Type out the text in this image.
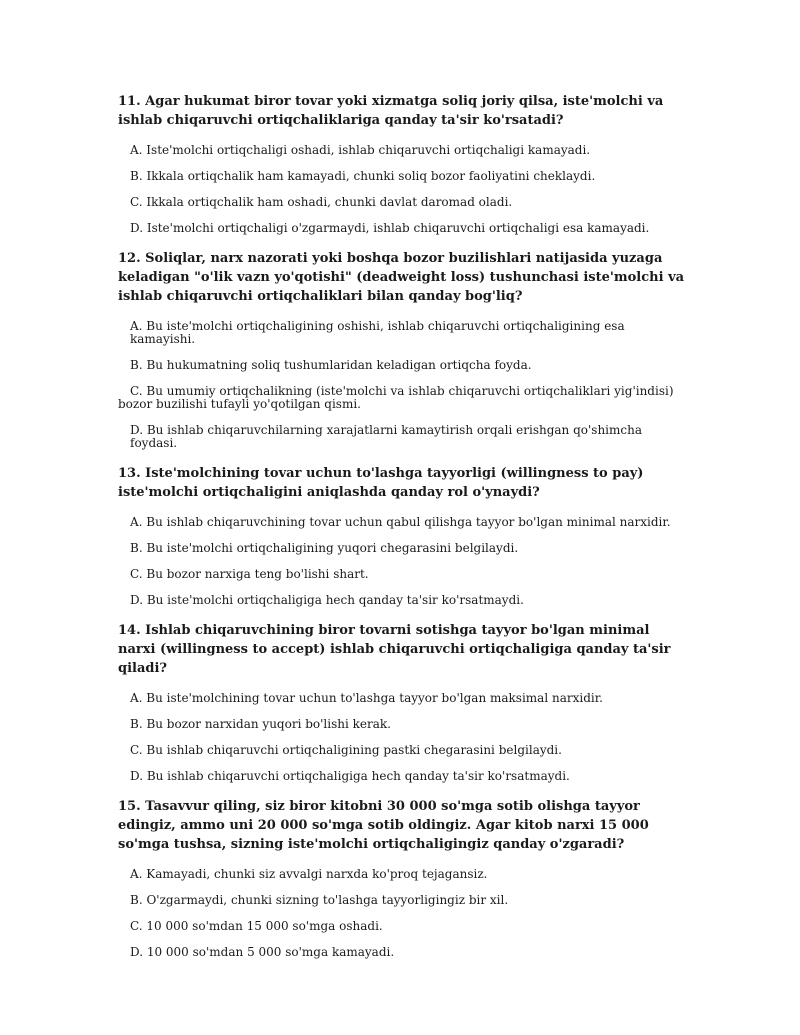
11. Agar hukumat biror tovar yoki xizmatga soliq joriy qilsa, iste'molchi va ishlab chiqaruvchi ortiqchaliklariga qanday ta'sir ko'rsatadi?

A. Iste'molchi ortiqchaligi oshadi, ishlab chiqaruvchi ortiqchaligi kamayadi.
B. Ikkala ortiqchalik ham kamayadi, chunki soliq bozor faoliyatini cheklaydi.
C. Ikkala ortiqchalik ham oshadi, chunki davlat daromad oladi.
D. Iste'molchi ortiqchaligi o'zgarmaydi, ishlab chiqaruvchi ortiqchaligi esa kamayadi.

12. Soliqlar, narx nazorati yoki boshqa bozor buzilishlari natijasida yuzaga keladigan "o'lik vazn yo'qotishi" (deadweight loss) tushunchasi iste'molchi va ishlab chiqaruvchi ortiqchaliklari bilan qanday bog'liq?

A. Bu iste'molchi ortiqchaligining oshishi, ishlab chiqaruvchi ortiqchaligining esa kamayishi.
B. Bu hukumatning soliq tushumlaridan keladigan ortiqcha foyda.
C. Bu umumiy ortiqchalikning (iste'molchi va ishlab chiqaruvchi ortiqchaliklari yig'indisi) bozor buzilishi tufayli yo'qotilgan qismi.
D. Bu ishlab chiqaruvchilarning xarajatlarni kamaytirish orqali erishgan qo'shimcha foydasi.

13. Iste'molchining tovar uchun to'lashga tayyorligi (willingness to pay) iste'molchi ortiqchaligini aniqlashda qanday rol o'ynaydi?

A. Bu ishlab chiqaruvchining tovar uchun qabul qilishga tayyor bo'lgan minimal narxidir.
B. Bu iste'molchi ortiqchaligining yuqori chegarasini belgilaydi.
C. Bu bozor narxiga teng bo'lishi shart.
D. Bu iste'molchi ortiqchaligiga hech qanday ta'sir ko'rsatmaydi.

14. Ishlab chiqaruvchining biror tovarni sotishga tayyor bo'lgan minimal narxi (willingness to accept) ishlab chiqaruvchi ortiqchaligiga qanday ta'sir qiladi?

A. Bu iste'molchining tovar uchun to'lashga tayyor bo'lgan maksimal narxidir.
B. Bu bozor narxidan yuqori bo'lishi kerak.
C. Bu ishlab chiqaruvchi ortiqchaligining pastki chegarasini belgilaydi.
D. Bu ishlab chiqaruvchi ortiqchaligiga hech qanday ta'sir ko'rsatmaydi.

15. Tasavvur qiling, siz biror kitobni 30 000 so'mga sotib olishga tayyor edingiz, ammo uni 20 000 so'mga sotib oldingiz. Agar kitob narxi 15 000 so'mga tushsa, sizning iste'molchi ortiqchaligingiz qanday o'zgaradi?

A. Kamayadi, chunki siz avvalgi narxda ko'proq tejagansiz.
B. O'zgarmaydi, chunki sizning to'lashga tayyorligingiz bir xil.
C. 10 000 so'mdan 15 000 so'mga oshadi.
D. 10 000 so'mdan 5 000 so'mga kamayadi.
